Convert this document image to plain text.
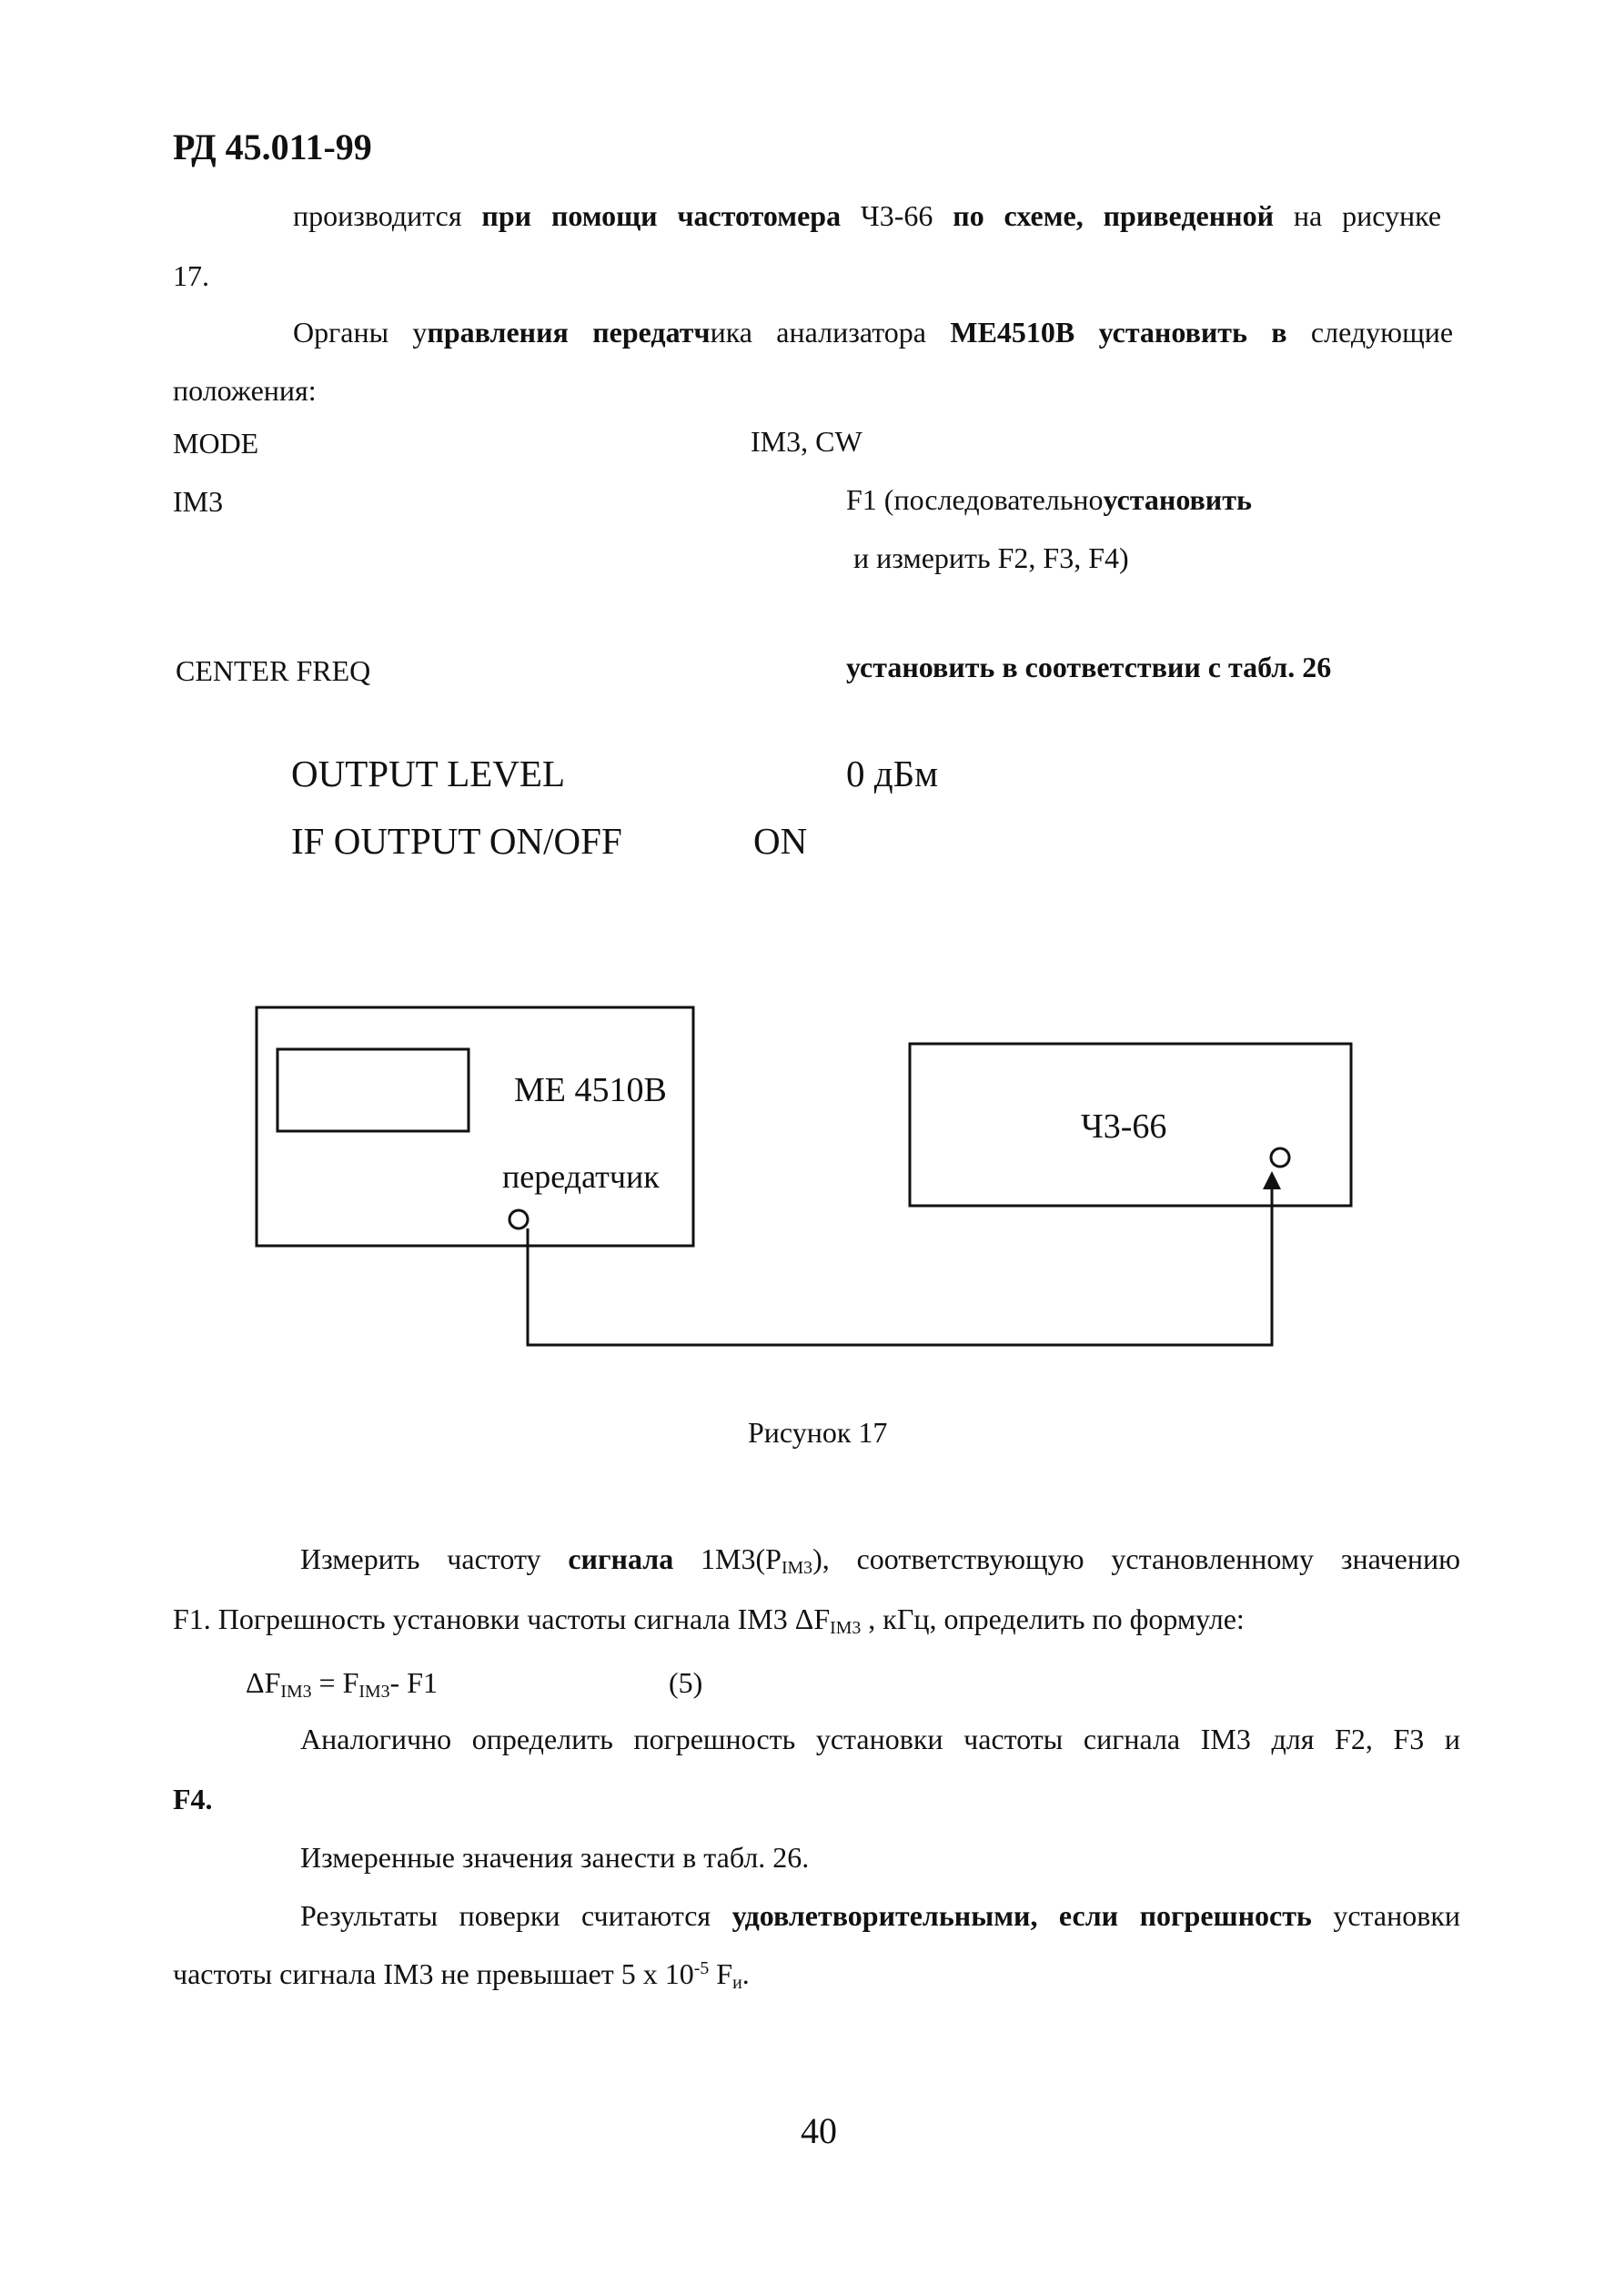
РД 45.011-99
производится при помощи частотомера Ч3-66 по схеме, приведенной на рисунке
17.
Органы управления передатчика анализатора ME4510B установить в следующие
положения:
MODE	IM3, CW
IM3	F1 (последовательноустановить
и измерить F2, F3, F4)
CENTER FREQ	установить в соответствии с табл. 26
OUTPUT LEVEL	0 дБм
IF OUTPUT ON/OFF	ON
ME 4510B
передатчик
Ч3-66
Рисунок 17
Измерить частоту сигнала $1M3(P_{IM3})$, соответствующую установленному значению
F1. Погрешность установки частоты сигнала IM3 $\Delta F_{IM3}$ , кГц, определить по формуле:
$\Delta F_{IM3} = F_{IM3}-$ F1	(5)
Аналогично определить погрешность установки частоты сигнала IM3 для F2, F3 и
F4.
Измеренные значения занести в табл. 26.
Результаты поверки считаются удовлетворительными, если погрешность установки
частоты сигнала IM3 не превышает 5 x $10^{-5}$ $F_и$.
40
